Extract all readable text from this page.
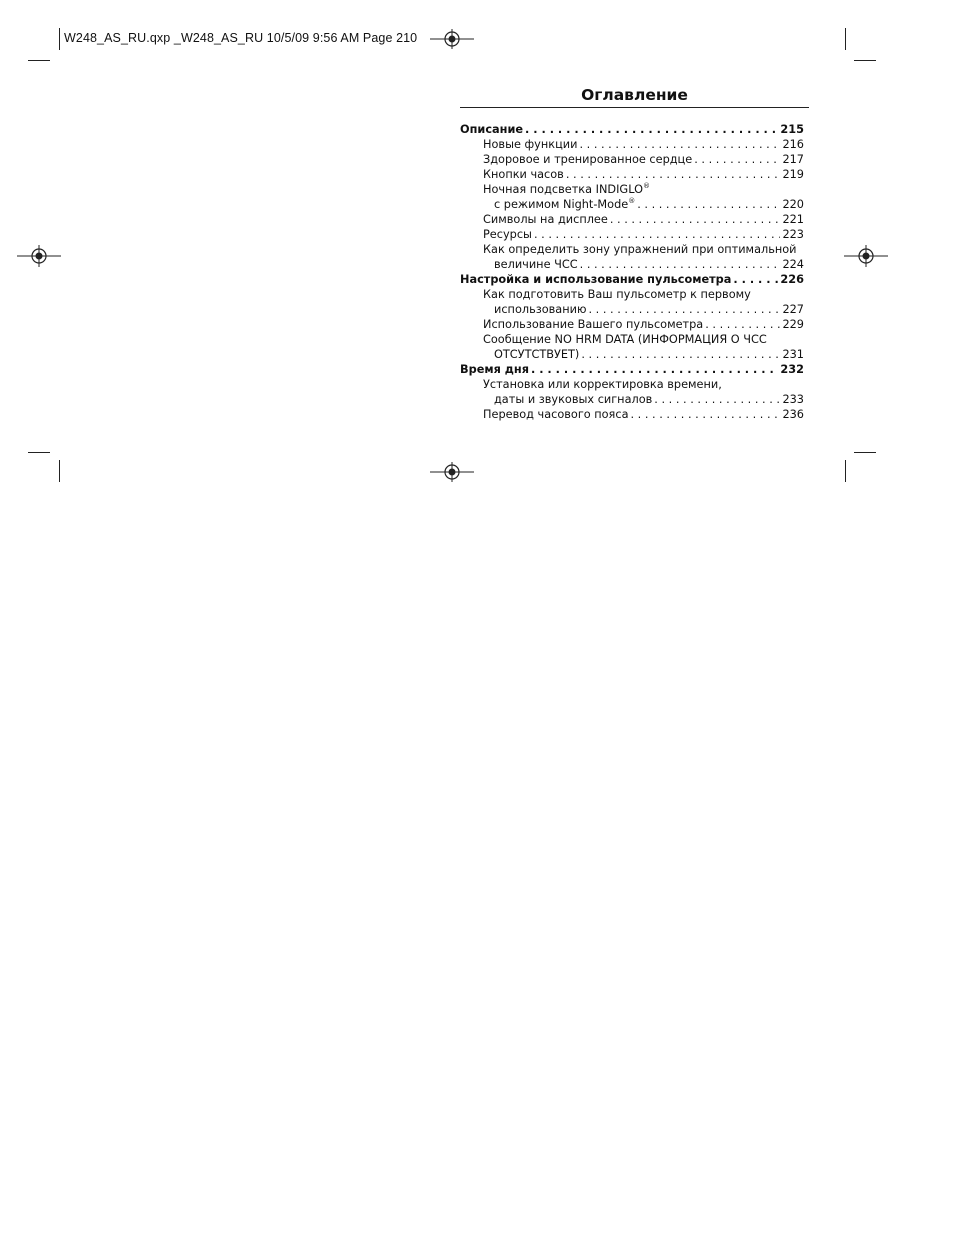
W248_AS_RU.qxp _W248_AS_RU 10/5/09 9:56 AM Page 210
Оглавление
Описание . . .	215
Новые функции . . .	216
Здоровое и тренированное сердце . . .	217
Кнопки часов . . .	219
Ночная подсветка INDIGLO®
с режимом Night-Mode® . . .	220
Символы на дисплее . . .	221
Ресурсы . . .	223
Как определить зону упражнений при оптимальной
величине ЧСС . . .	224
Настройка и использование пульсометра . . .	226
Как подготовить Ваш пульсометр к первому
использованию . . .	227
Использование Вашего пульсометра . . .	229
Сообщение NO HRM DATA (ИНФОРМАЦИЯ О ЧСС
ОТСУТСТВУЕТ) . . .	231
Время дня . . .	232
Установка или корректировка времени,
даты и звуковых сигналов . . .	233
Перевод часового пояса . . .	236
